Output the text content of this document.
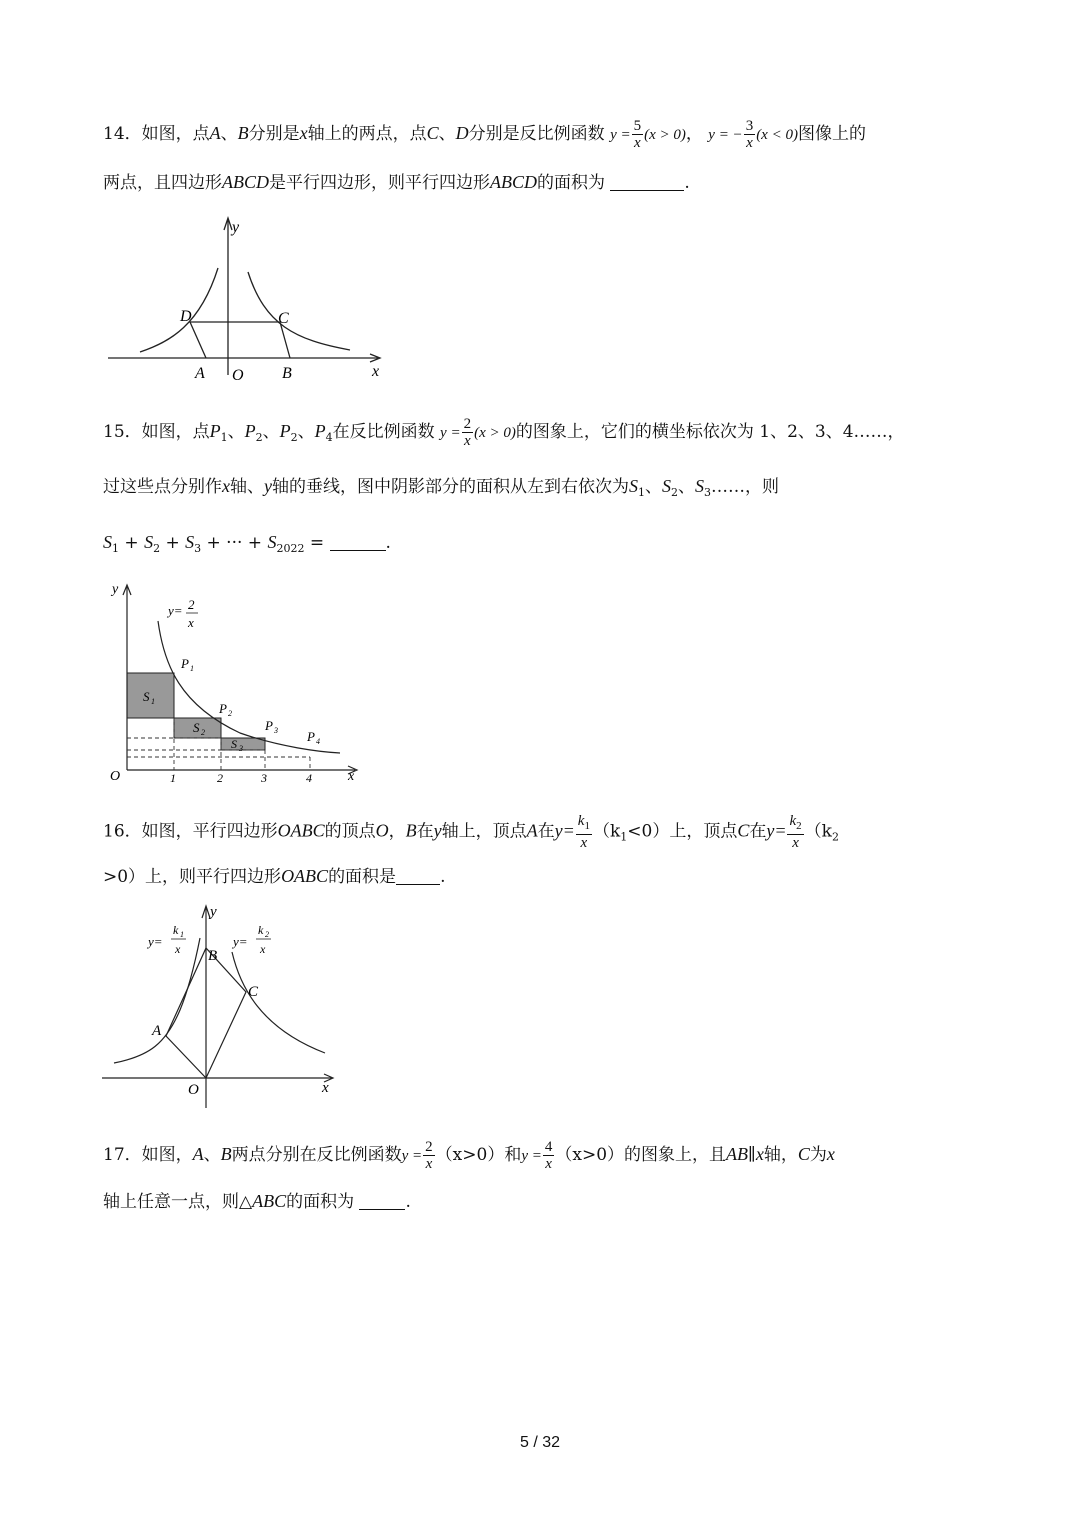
14．如图，点A、B分别是x轴上的两点，点C、D分别是反比例函数 $y = \frac{5}{x} (x > 0)$， y = − $\frac{3}{x} (x < 0)$图像上的
两点，且四边形ABCD是平行四边形，则平行四边形ABCD的面积为	.
y
x
O
A	B
C
D
15．如图，点$P_1$、$P_2$、$P_2$、$P_4$在反比例函数 $y = \frac{2}{x} (x > 0)$的图象上，它们的横坐标依次为 1、2、3、4……，
过这些点分别作x轴、y轴的垂线，图中阴影部分的面积从左到右依次为$S_1$、$S_2$、$S_3\dots\dots$，则
$S_1 + S_2 + S_3$ + ··· + $S_{2022}$ =	.
y
x
O
y= 2
x
P 1
P 2
P 3 P 4
S 1
S 2
S 3
1	2	3	4
16．如图，平行四边形OABC的顶点O，B在y轴上，顶点A在$y= \frac{k_1}{x} (k_1<0)$上，顶点C在$y= \frac{k_2}{x} (k_2$
>0）上，则平行四边形OABC的面积是	.
y
x
O
A
B
C
y=
k 1
x	y=
k 2
x
17．如图，A、B两点分别在反比例函数$y = \frac{2}{x} (x>0)$和$y = \frac{4}{x} (x>0)$的图象上，且AB∥x轴，C为x
轴上任意一点，则△ABC的面积为	.
5 / 32
